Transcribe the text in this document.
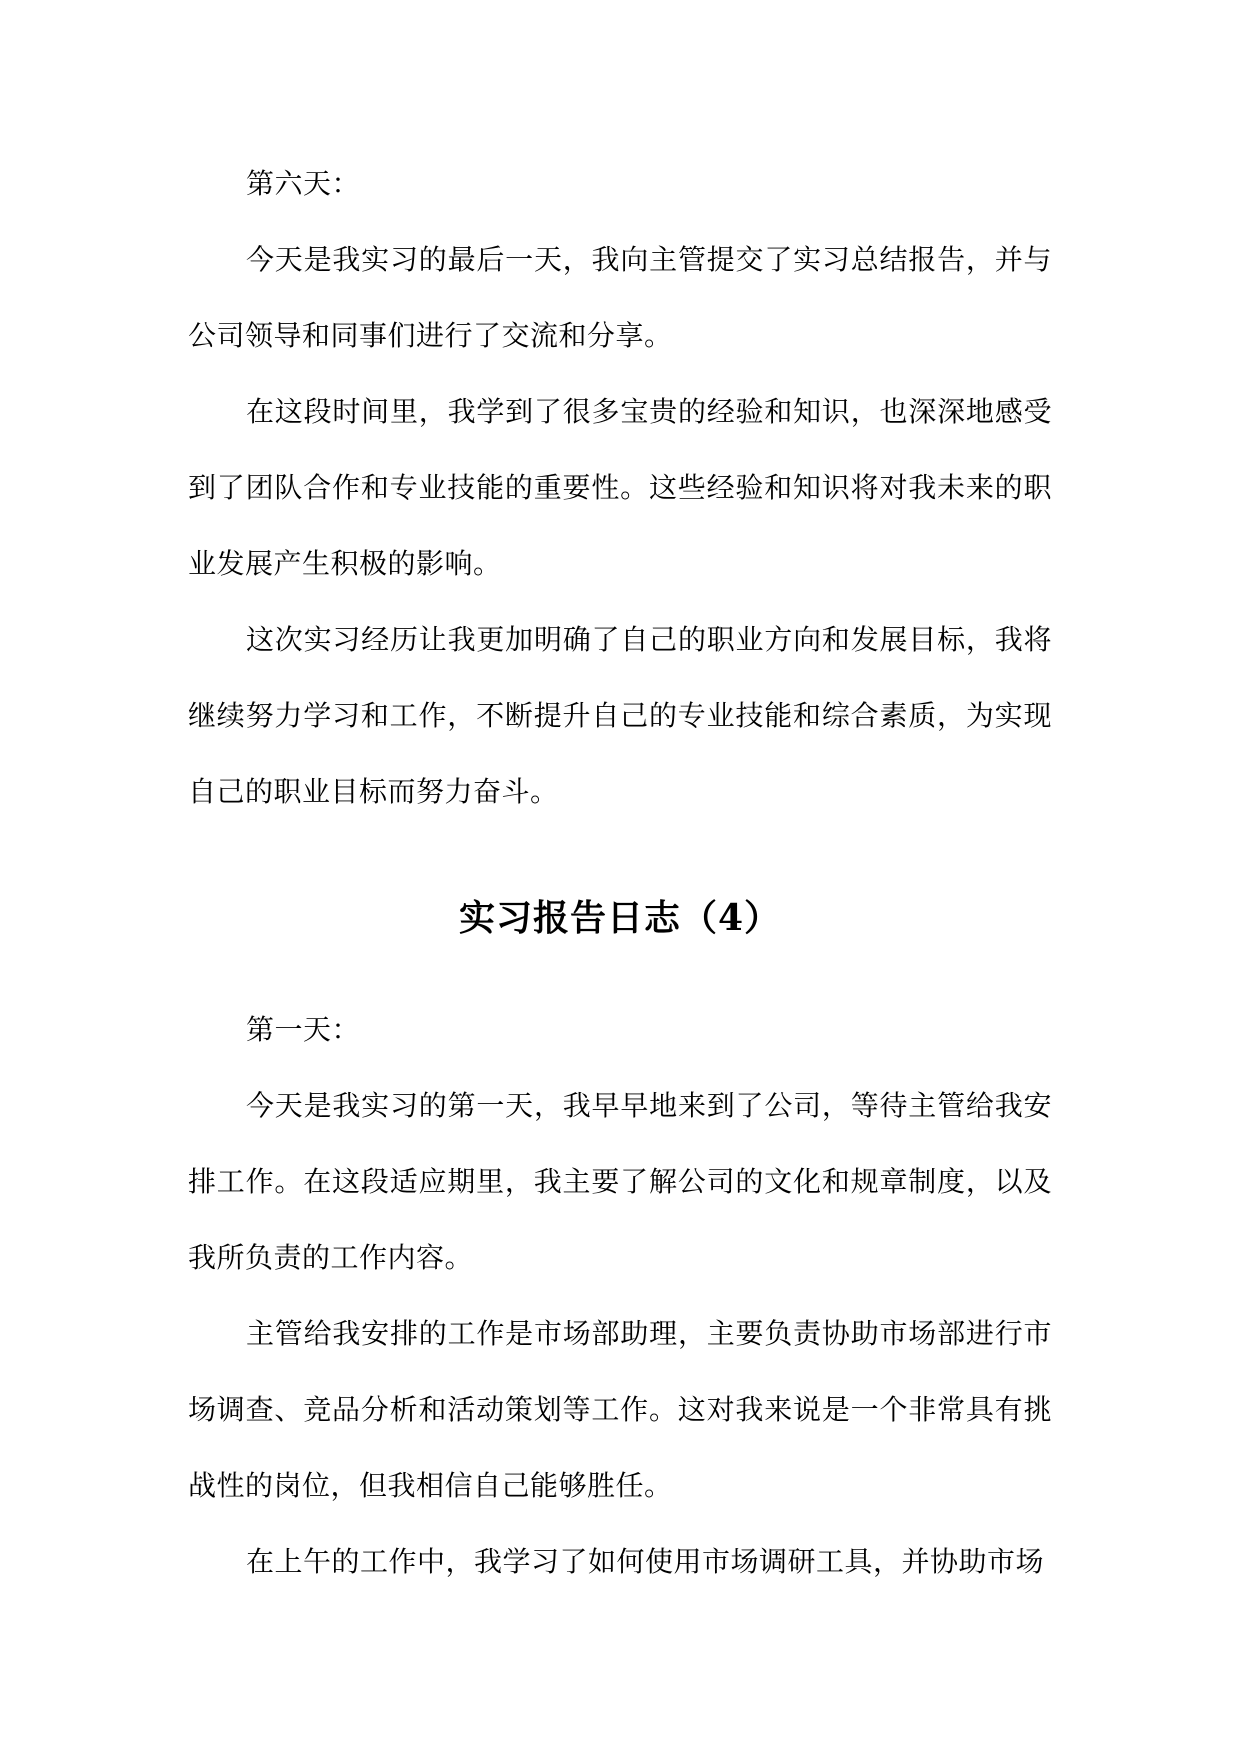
第六天：

今天是我实习的最后一天，我向主管提交了实习总结报告，并与公司领导和同事们进行了交流和分享。

在这段时间里，我学到了很多宝贵的经验和知识，也深深地感受到了团队合作和专业技能的重要性。这些经验和知识将对我未来的职业发展产生积极的影响。

这次实习经历让我更加明确了自己的职业方向和发展目标，我将继续努力学习和工作，不断提升自己的专业技能和综合素质，为实现自己的职业目标而努力奋斗。

实习报告日志（4）

第一天：

今天是我实习的第一天，我早早地来到了公司，等待主管给我安排工作。在这段适应期里，我主要了解公司的文化和规章制度，以及我所负责的工作内容。

主管给我安排的工作是市场部助理，主要负责协助市场部进行市场调查、竞品分析和活动策划等工作。这对我来说是一个非常具有挑战性的岗位，但我相信自己能够胜任。

在上午的工作中，我学习了如何使用市场调研工具，并协助市场
